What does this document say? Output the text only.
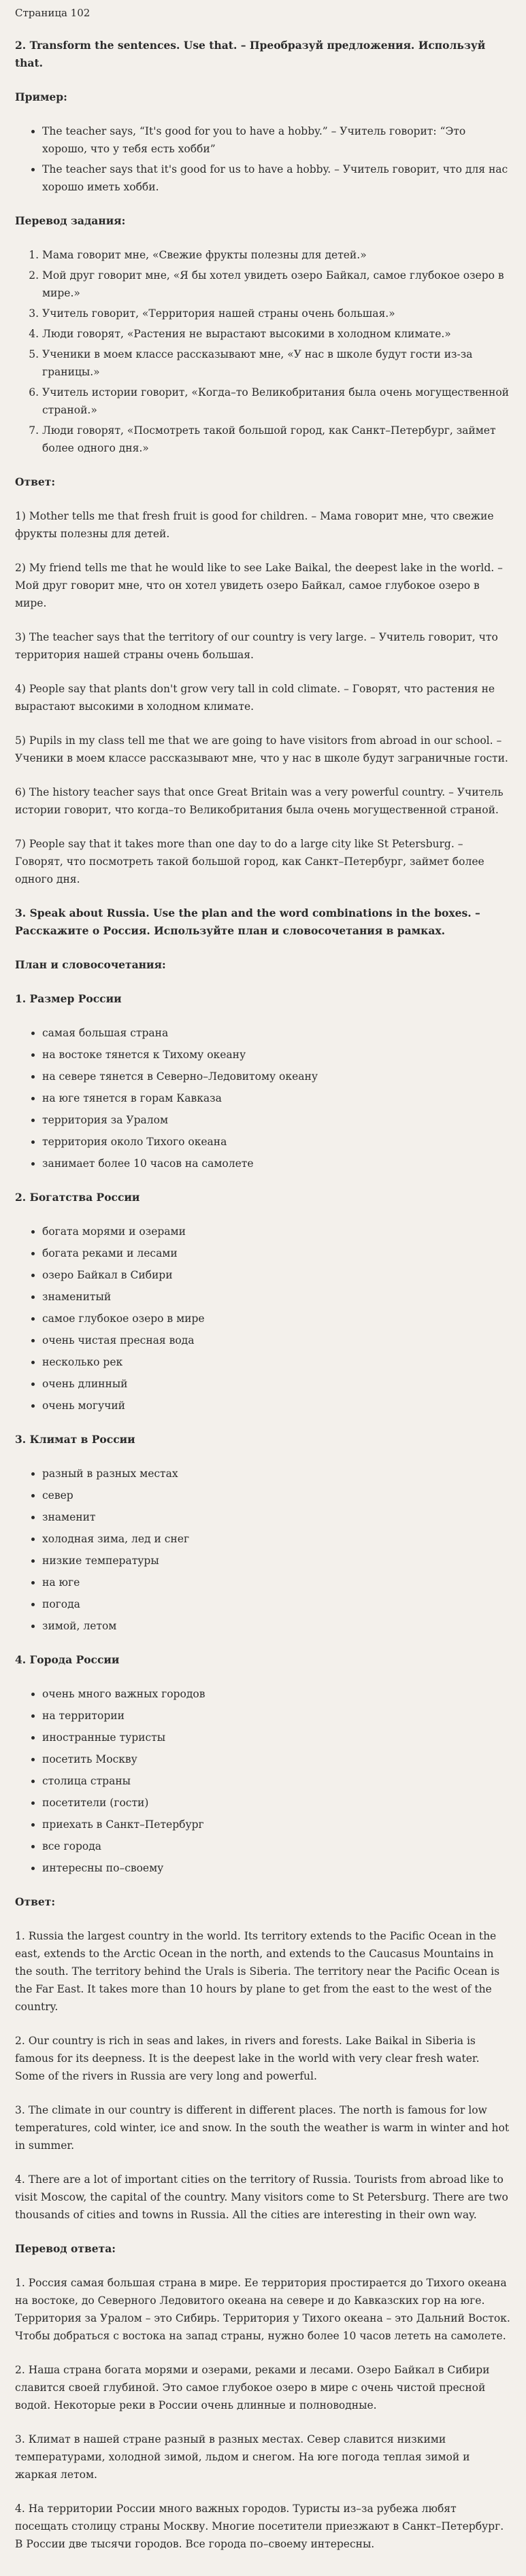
Страница 102
2. Transform the sentences. Use that. – Преобразуй предложения. Используй that.
Пример:
• The teacher says, “It's good for you to have a hobby.” – Учитель говорит: “Это хорошо, что у тебя есть хобби”
• The teacher says that it's good for us to have a hobby. – Учитель говорит, что для нас хорошо иметь хобби.
Перевод задания:
1. Мама говорит мне, «Свежие фрукты полезны для детей.»
2. Мой друг говорит мне, «Я бы хотел увидеть озеро Байкал, самое глубокое озеро в мире.»
3. Учитель говорит, «Территория нашей страны очень большая.»
4. Люди говорят, «Растения не вырастают высокими в холодном климате.»
5. Ученики в моем классе рассказывают мне, «У нас в школе будут гости из-за границы.»
6. Учитель истории говорит, «Когда–то Великобритания была очень могущественной страной.»
7. Люди говорят, «Посмотреть такой большой город, как Санкт–Петербург, займет более одного дня.»
Ответ:
1) Mother tells me that fresh fruit is good for children. – Мама говорит мне, что свежие фрукты полезны для детей.
2) My friend tells me that he would like to see Lake Baikal, the deepest lake in the world. – Мой друг говорит мне, что он хотел увидеть озеро Байкал, самое глубокое озеро в мире.
3) The teacher says that the territory of our country is very large. – Учитель говорит, что территория нашей страны очень большая.
4) People say that plants don't grow very tall in cold climate. – Говорят, что растения не вырастают высокими в холодном климате.
5) Pupils in my class tell me that we are going to have visitors from abroad in our school. – Ученики в моем классе рассказывают мне, что у нас в школе будут заграничные гости.
6) The history teacher says that once Great Britain was a very powerful country. – Учитель истории говорит, что когда–то Великобритания была очень могущественной страной.
7) People say that it takes more than one day to do a large city like St Petersburg. – Говорят, что посмотреть такой большой город, как Санкт–Петербург, займет более одного дня.
3. Speak about Russia. Use the plan and the word combinations in the boxes. – Расскажите о Россия. Используйте план и словосочетания в рамках.
План и словосочетания:
1. Размер России
• самая большая страна
• на востоке тянется к Тихому океану
• на севере тянется в Северно–Ледовитому океану
• на юге тянется в горам Кавказа
• территория за Уралом
• территория около Тихого океана
• занимает более 10 часов на самолете
2. Богатства России
• богата морями и озерами
• богата реками и лесами
• озеро Байкал в Сибири
• знаменитый
• самое глубокое озеро в мире
• очень чистая пресная вода
• несколько рек
• очень длинный
• очень могучий
3. Климат в России
• разный в разных местах
• север
• знаменит
• холодная зима, лед и снег
• низкие температуры
• на юге
• погода
• зимой, летом
4. Города России
• очень много важных городов
• на территории
• иностранные туристы
• посетить Москву
• столица страны
• посетители (гости)
• приехать в Санкт–Петербург
• все города
• интересны по–своему
Ответ:
1. Russia the largest country in the world. Its territory extends to the Pacific Ocean in the east, extends to the Arctic Ocean in the north, and extends to the Caucasus Mountains in the south. The territory behind the Urals is Siberia. The territory near the Pacific Ocean is the Far East. It takes more than 10 hours by plane to get from the east to the west of the country.
2. Our country is rich in seas and lakes, in rivers and forests. Lake Baikal in Siberia is famous for its deepness. It is the deepest lake in the world with very clear fresh water. Some of the rivers in Russia are very long and powerful.
3. The climate in our country is different in different places. The north is famous for low temperatures, cold winter, ice and snow. In the south the weather is warm in winter and hot in summer.
4. There are a lot of important cities on the territory of Russia. Tourists from abroad like to visit Moscow, the capital of the country. Many visitors come to St Petersburg. There are two thousands of cities and towns in Russia. All the cities are interesting in their own way.
Перевод ответа:
1. Россия самая большая страна в мире. Ее территория простирается до Тихого океана на востоке, до Северного Ледовитого океана на севере и до Кавказских гор на юге. Территория за Уралом – это Сибирь. Территория у Тихого океана – это Дальний Восток. Чтобы добраться с востока на запад страны, нужно более 10 часов лететь на самолете.
2. Наша страна богата морями и озерами, реками и лесами. Озеро Байкал в Сибири славится своей глубиной. Это самое глубокое озеро в мире с очень чистой пресной водой. Некоторые реки в России очень длинные и полноводные.
3. Климат в нашей стране разный в разных местах. Север славится низкими температурами, холодной зимой, льдом и снегом. На юге погода теплая зимой и жаркая летом.
4. На территории России много важных городов. Туристы из–за рубежа любят посещать столицу страны Москву. Многие посетители приезжают в Санкт–Петербург. В России две тысячи городов. Все города по–своему интересны.
